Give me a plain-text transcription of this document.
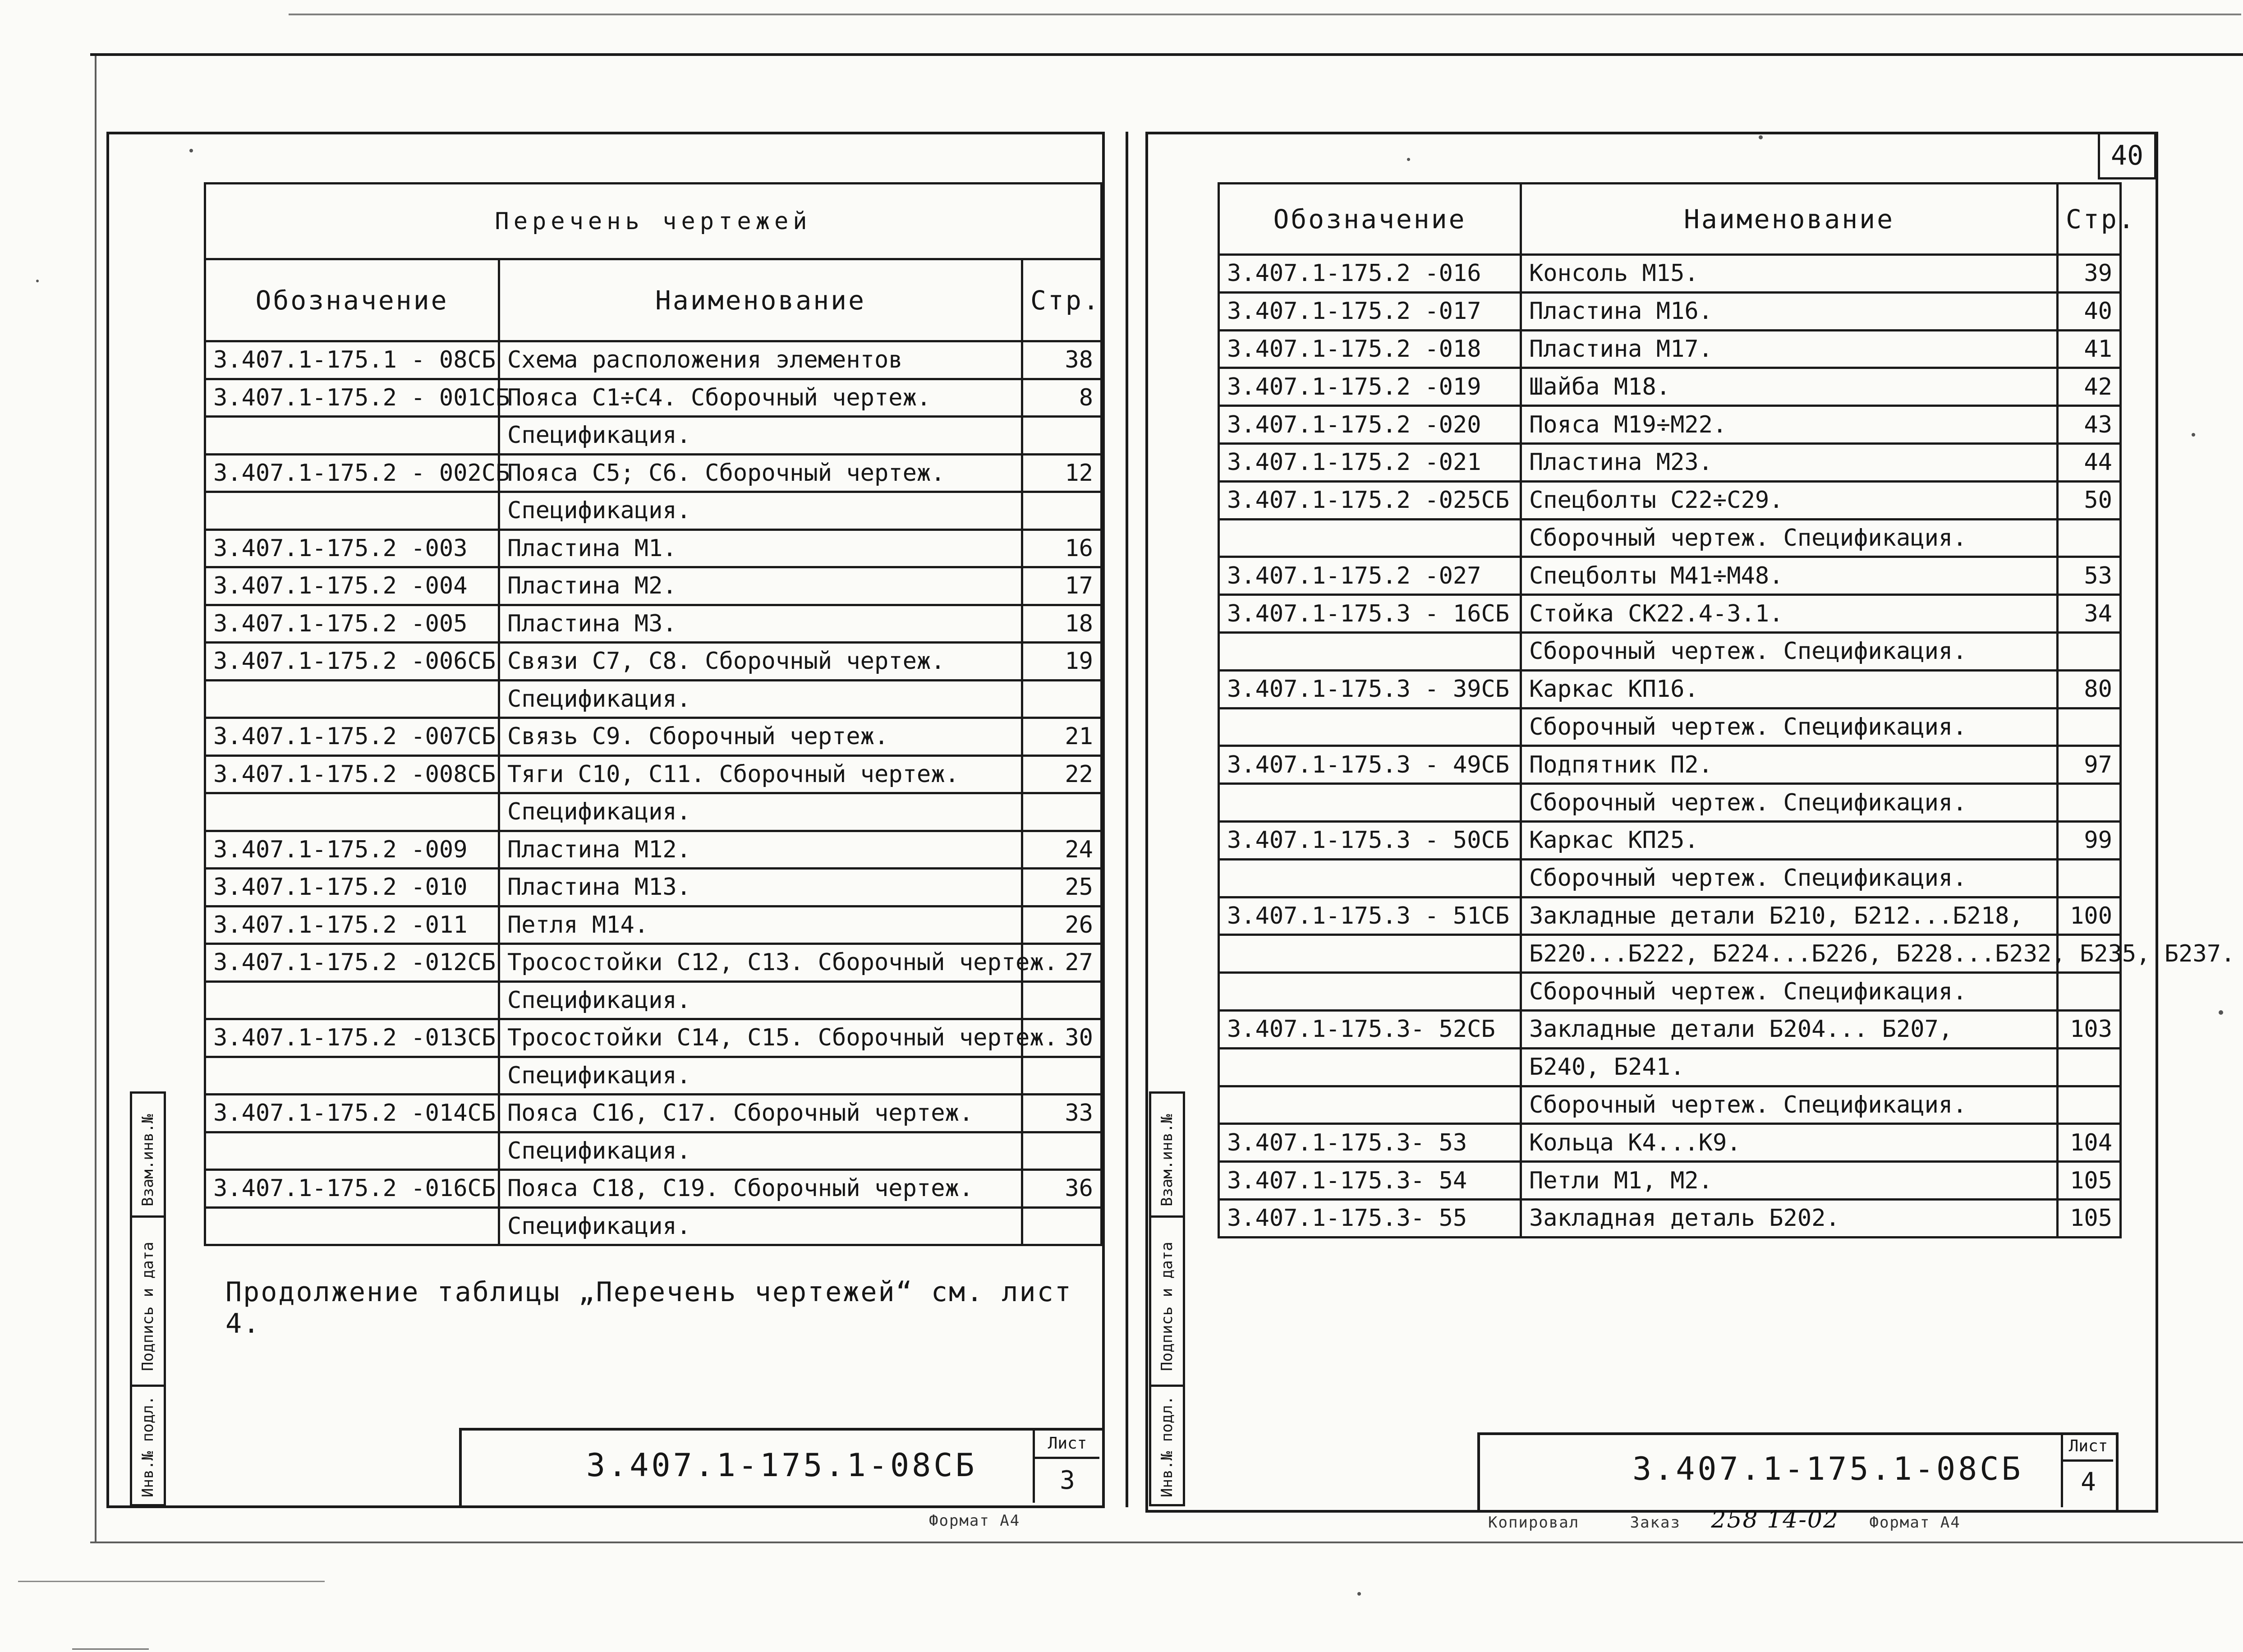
40
Взам.инв.№
Подпись и дата
Инв.№ подл.
Перечень чертежей		
Обозначение	Наименование	Стр.
3.407.1-175.1 - 08СБ	Схема расположения элементов	38
3.407.1-175.2 - 001СБ	Пояса С1÷С4. Сборочный чертеж.	8
	Спецификация.	
3.407.1-175.2 - 002СБ	Пояса С5; С6. Сборочный чертеж.	12
	Спецификация.	
3.407.1-175.2 -003	Пластина М1.	16
3.407.1-175.2 -004	Пластина М2.	17
3.407.1-175.2 -005	Пластина М3.	18
3.407.1-175.2 -006СБ	Связи С7, С8. Сборочный чертеж.	19
	Спецификация.	
3.407.1-175.2 -007СБ	Связь С9. Сборочный чертеж.	21
3.407.1-175.2 -008СБ	Тяги С10, С11. Сборочный чертеж.	22
	Спецификация.	
3.407.1-175.2 -009	Пластина М12.	24
3.407.1-175.2 -010	Пластина М13.	25
3.407.1-175.2 -011	Петля М14.	26
3.407.1-175.2 -012СБ	Тросостойки С12, С13. Сборочный чертеж.	27
	Спецификация.	
3.407.1-175.2 -013СБ	Тросостойки С14, С15. Сборочный чертеж.	30
	Спецификация.	
3.407.1-175.2 -014СБ	Пояса С16, С17. Сборочный чертеж.	33
	Спецификация.	
3.407.1-175.2 -016СБ	Пояса С18, С19. Сборочный чертеж.	36
	Спецификация.	
Продолжение таблицы „Перечень чертежей“ см. лист 4.
3.407.1-175.1-08СБ
Лист
3
Взам.инв.№
Подпись и дата
Инв.№ подл.
Обозначение	Наименование	Стр.
3.407.1-175.2 -016	Консоль М15.	39
3.407.1-175.2 -017	Пластина М16.	40
3.407.1-175.2 -018	Пластина М17.	41
3.407.1-175.2 -019	Шайба М18.	42
3.407.1-175.2 -020	Пояса М19÷М22.	43
3.407.1-175.2 -021	Пластина М23.	44
3.407.1-175.2 -025СБ	Спецболты С22÷С29.	50
	Сборочный чертеж. Спецификация.	
3.407.1-175.2 -027	Спецболты М41÷М48.	53
3.407.1-175.3 - 16СБ	Стойка СК22.4-3.1.	34
	Сборочный чертеж. Спецификация.	
3.407.1-175.3 - 39СБ	Каркас КП16.	80
	Сборочный чертеж. Спецификация.	
3.407.1-175.3 - 49СБ	Подпятник П2.	97
	Сборочный чертеж. Спецификация.	
3.407.1-175.3 - 50СБ	Каркас КП25.	99
	Сборочный чертеж. Спецификация.	
3.407.1-175.3 - 51СБ	Закладные детали Б210, Б212...Б218,	100
	Б220...Б222, Б224...Б226, Б228...Б232, Б235, Б237.	
	Сборочный чертеж. Спецификация.	
3.407.1-175.3- 52СБ	Закладные детали Б204... Б207,	103
	Б240, Б241.	
	Сборочный чертеж. Спецификация.	
3.407.1-175.3- 53	Кольца К4...К9.	104
3.407.1-175.3- 54	Петли М1, М2.	105
3.407.1-175.3- 55	Закладная деталь Б202.	105
3.407.1-175.1-08СБ
Лист
4
Формат А4	Копировал	Заказ 258 14-02 Формат А4
